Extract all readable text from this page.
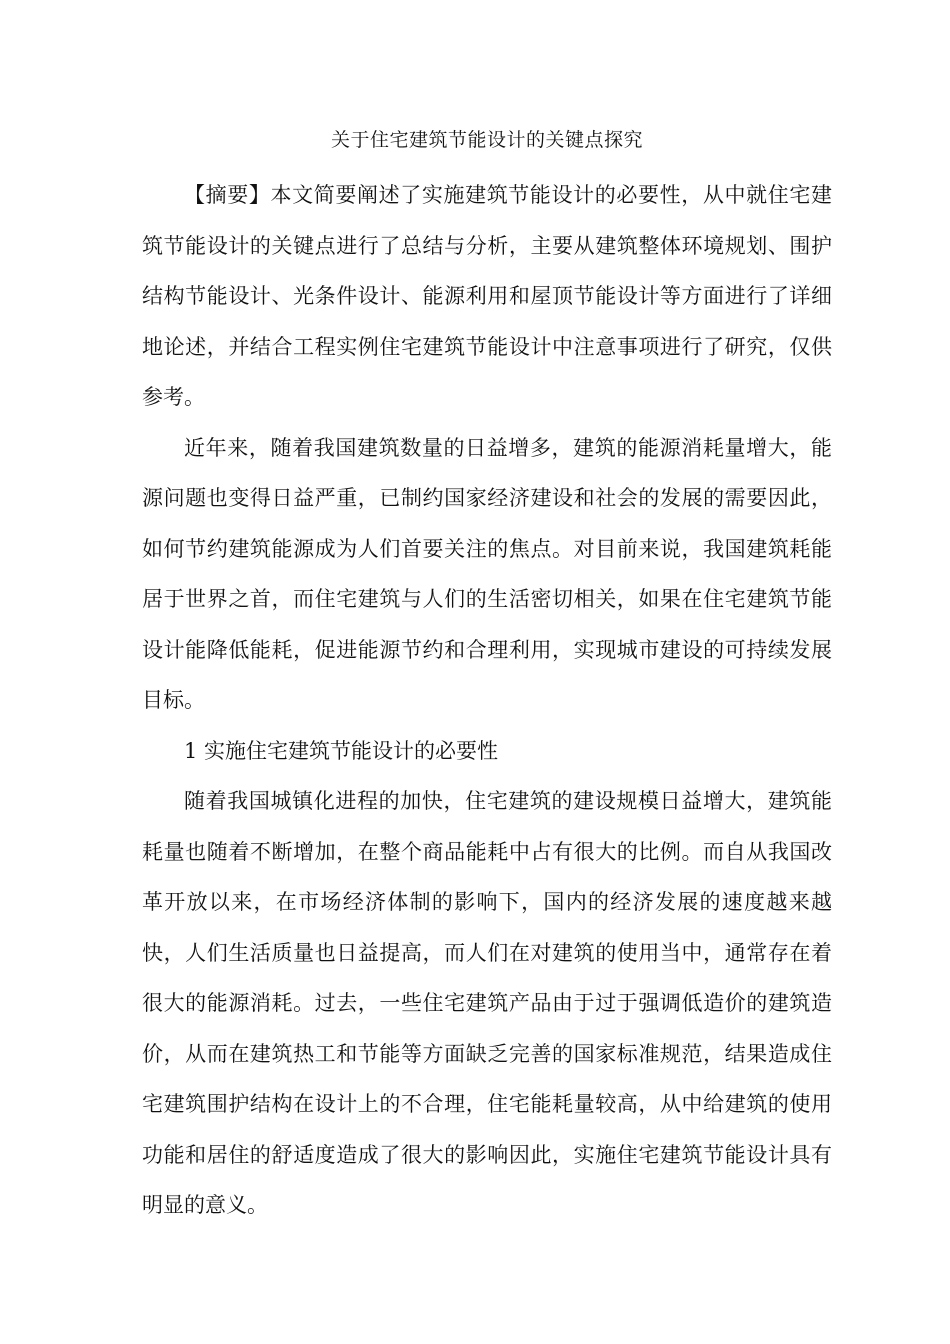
关于住宅建筑节能设计的关键点探究

【摘要】本文简要阐述了实施建筑节能设计的必要性，从中就住宅建筑节能设计的关键点进行了总结与分析，主要从建筑整体环境规划、围护结构节能设计、光条件设计、能源利用和屋顶节能设计等方面进行了详细地论述，并结合工程实例住宅建筑节能设计中注意事项进行了研究，仅供参考。

近年来，随着我国建筑数量的日益增多，建筑的能源消耗量增大，能源问题也变得日益严重，已制约国家经济建设和社会的发展的需要因此，如何节约建筑能源成为人们首要关注的焦点。对目前来说，我国建筑耗能居于世界之首，而住宅建筑与人们的生活密切相关，如果在住宅建筑节能设计能降低能耗，促进能源节约和合理利用，实现城市建设的可持续发展目标。

1 实施住宅建筑节能设计的必要性

随着我国城镇化进程的加快，住宅建筑的建设规模日益增大，建筑能耗量也随着不断增加，在整个商品能耗中占有很大的比例。而自从我国改革开放以来，在市场经济体制的影响下，国内的经济发展的速度越来越快，人们生活质量也日益提高，而人们在对建筑的使用当中，通常存在着很大的能源消耗。过去，一些住宅建筑产品由于过于强调低造价的建筑造价，从而在建筑热工和节能等方面缺乏完善的国家标准规范，结果造成住宅建筑围护结构在设计上的不合理，住宅能耗量较高，从中给建筑的使用功能和居住的舒适度造成了很大的影响因此，实施住宅建筑节能设计具有明显的意义。
